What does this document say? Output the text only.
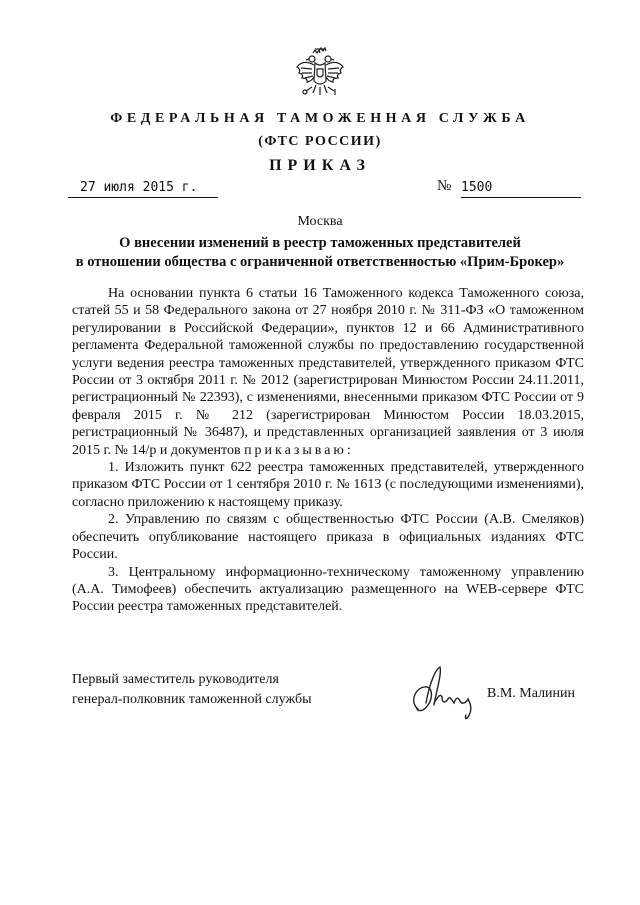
ФЕДЕРАЛЬНАЯ ТАМОЖЕННАЯ СЛУЖБА
(ФТС РОССИИ)
ПРИКАЗ
27 июля 2015 г.	№ 1500
Москва
О внесении изменений в реестр таможенных представителей
в отношении общества с ограниченной ответственностью «Прим-Брокер»

На основании пункта 6 статьи 16 Таможенного кодекса Таможенного союза, статей 55 и 58 Федерального закона от 27 ноября 2010 г. № 311-ФЗ «О таможенном регулировании в Российской Федерации», пунктов 12 и 66 Административного регламента Федеральной таможенной службы по предоставлению государственной услуги ведения реестра таможенных представителей, утвержденного приказом ФТС России от 3 октября 2011 г. № 2012 (зарегистрирован Минюстом России 24.11.2011, регистрационный № 22393), с изменениями, внесенными приказом ФТС России от 9 февраля 2015 г. № 212 (зарегистрирован Минюстом России 18.03.2015, регистрационный № 36487), и представленных организацией заявления от 3 июля 2015 г. № 14/р и документов приказываю:

1. Изложить пункт 622 реестра таможенных представителей, утвержденного приказом ФТС России от 1 сентября 2010 г. № 1613 (с последующими изменениями), согласно приложению к настоящему приказу.

2. Управлению по связям с общественностью ФТС России (А.В. Смеляков) обеспечить опубликование настоящего приказа в официальных изданиях ФТС России.

3. Центральному информационно-техническому таможенному управлению (А.А. Тимофеев) обеспечить актуализацию размещенного на WEB-сервере ФТС России реестра таможенных представителей.

Первый заместитель руководителя
генерал-полковник таможенной службы	В.М. Малинин
